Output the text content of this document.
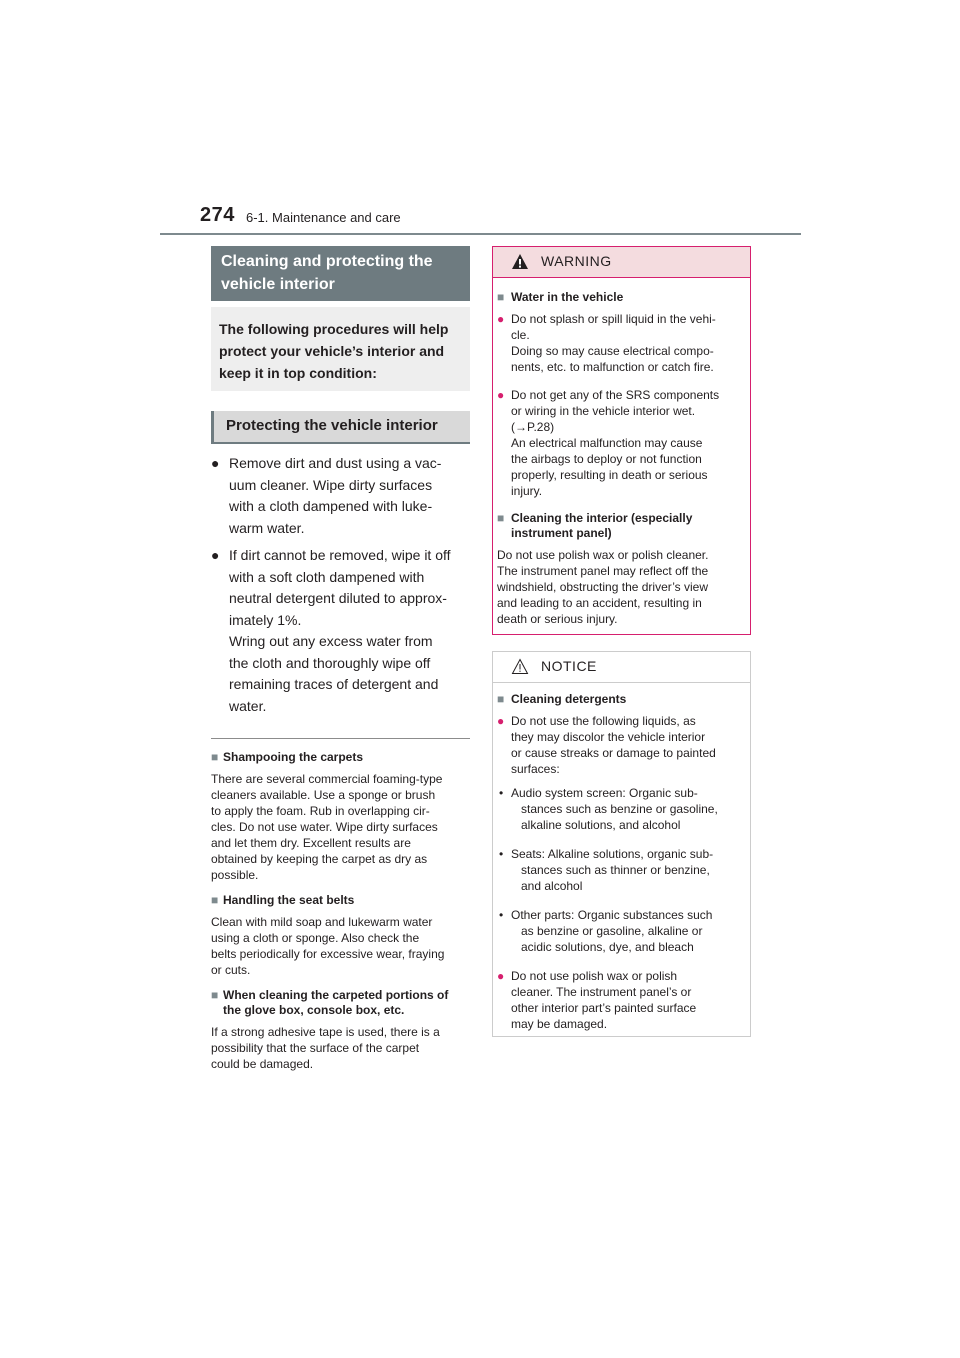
274 6-1. Maintenance and care
Cleaning and protecting the
vehicle interior
The following procedures will help
protect your vehicle’s interior and
keep it in top condition:
Protecting the vehicle interior
● Remove dirt and dust using a vac-
uum cleaner. Wipe dirty surfaces
with a cloth dampened with luke-
warm water.
● If dirt cannot be removed, wipe it off
with a soft cloth dampened with
neutral detergent diluted to approx-
imately 1%.
Wring out any excess water from
the cloth and thoroughly wipe off
remaining traces of detergent and
water.
■ Shampooing the carpets
There are several commercial foaming-type
cleaners available. Use a sponge or brush
to apply the foam. Rub in overlapping cir-
cles. Do not use water. Wipe dirty surfaces
and let them dry. Excellent results are
obtained by keeping the carpet as dry as
possible.
■ Handling the seat belts
Clean with mild soap and lukewarm water
using a cloth or sponge. Also check the
belts periodically for excessive wear, fraying
or cuts.
■ When cleaning the carpeted portions of
the glove box, console box, etc.
If a strong adhesive tape is used, there is a
possibility that the surface of the carpet
could be damaged.
WARNING
■ Water in the vehicle
● Do not splash or spill liquid in the vehi-
cle.
Doing so may cause electrical compo-
nents, etc. to malfunction or catch fire.
● Do not get any of the SRS components
or wiring in the vehicle interior wet.
(→P.28)
An electrical malfunction may cause
the airbags to deploy or not function
properly, resulting in death or serious
injury.
■ Cleaning the interior (especially
instrument panel)
Do not use polish wax or polish cleaner.
The instrument panel may reflect off the
windshield, obstructing the driver’s view
and leading to an accident, resulting in
death or serious injury.
NOTICE
■ Cleaning detergents
● Do not use the following liquids, as
they may discolor the vehicle interior
or cause streaks or damage to painted
surfaces:
• Audio system screen: Organic sub-
stances such as benzine or gasoline,
alkaline solutions, and alcohol
• Seats: Alkaline solutions, organic sub-
stances such as thinner or benzine,
and alcohol
• Other parts: Organic substances such
as benzine or gasoline, alkaline or
acidic solutions, dye, and bleach
● Do not use polish wax or polish
cleaner. The instrument panel’s or
other interior part’s painted surface
may be damaged.
